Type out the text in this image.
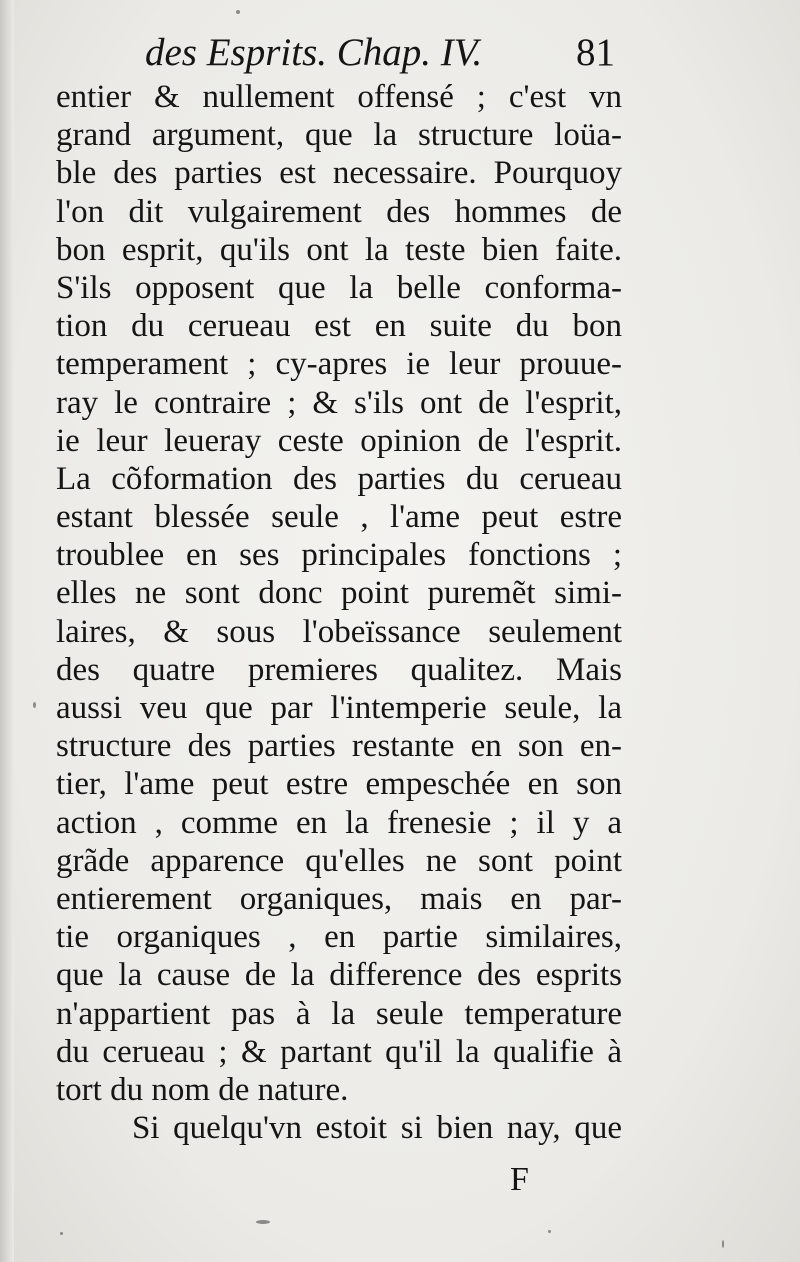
des Esprits. Chap. IV. 81
entier & nullement offensé ; c'est vn
grand argument, que la structure loüa-
ble des parties est necessaire. Pourquoy
l'on dit vulgairement des hommes de
bon esprit, qu'ils ont la teste bien faite.
S'ils opposent que la belle conforma-
tion du cerueau est en suite du bon
temperament ; cy-apres ie leur prouue-
ray le contraire ; & s'ils ont de l'esprit,
ie leur leueray ceste opinion de l'esprit.
La cõformation des parties du cerueau
estant blessée seule , l'ame peut estre
troublee en ses principales fonctions ;
elles ne sont donc point puremẽt simi-
laires, & sous l'obeïssance seulement
des quatre premieres qualitez. Mais
aussi veu que par l'intemperie seule, la
structure des parties restante en son en-
tier, l'ame peut estre empeschée en son
action , comme en la frenesie ; il y a
grãde apparence qu'elles ne sont point
entierement organiques, mais en par-
tie organiques , en partie similaires,
que la cause de la difference des esprits
n'appartient pas à la seule temperature
du cerueau ; & partant qu'il la qualifie à
tort du nom de nature.
Si quelqu'vn estoit si bien nay, que
F
